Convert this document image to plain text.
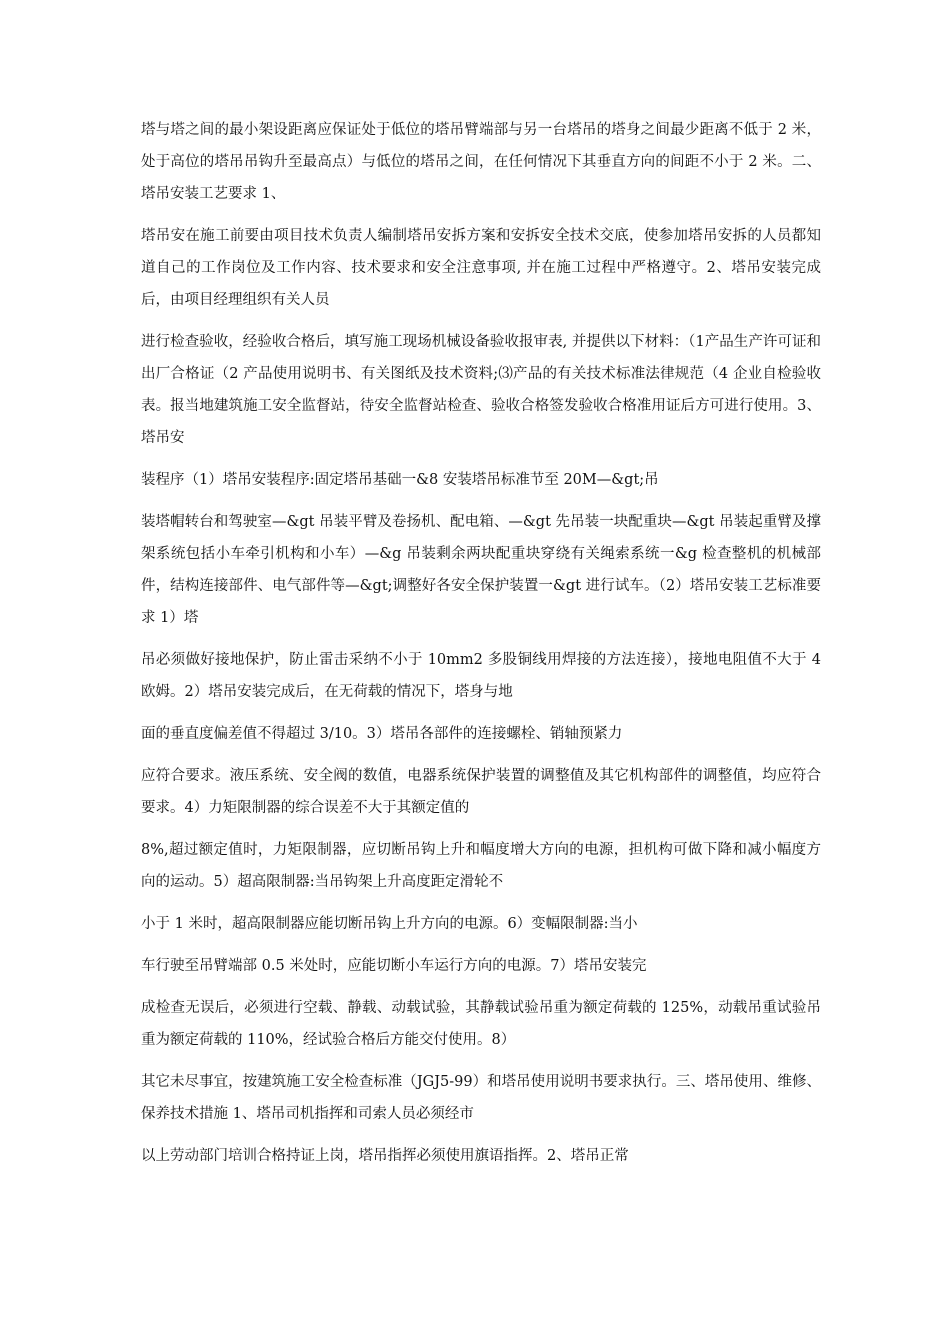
塔与塔之间的最小架设距离应保证处于低位的塔吊臂端部与另一台塔吊的塔身之间最少距离不低于 2 米，处于高位的塔吊吊钩升至最高点）与低位的塔吊之间，在任何情况下其垂直方向的间距不小于 2 米。二、塔吊安装工艺要求 1、

塔吊安在施工前要由项目技术负责人编制塔吊安拆方案和安拆安全技术交底，使参加塔吊安拆的人员都知道自己的工作岗位及工作内容、技术要求和安全注意事项, 并在施工过程中严格遵守。2、塔吊安装完成后，由项目经理组织有关人员

进行检查验收，经验收合格后，填写施工现场机械设备验收报审表, 并提供以下材料：（1产品生产许可证和出厂合格证（2 产品使用说明书、有关图纸及技术资料;⑶产品的有关技术标准法律规范（4 企业自检验收表。报当地建筑施工安全监督站，待安全监督站检查、验收合格签发验收合格准用证后方可进行使用。3、塔吊安

装程序（1）塔吊安装程序:固定塔吊基础一&8 安装塔吊标准节至 20M—&gt;吊

装塔帽转台和驾驶室—&gt 吊装平臂及卷扬机、配电箱、—&gt 先吊装一块配重块—&gt 吊装起重臂及撑架系统包括小车牵引机构和小车）—&g 吊装剩余两块配重块穿绕有关绳索系统一&g 检查整机的机械部件，结构连接部件、电气部件等—&gt;调整好各安全保护装置一&gt 进行试车。（2）塔吊安装工艺标准要求 1）塔

吊必须做好接地保护，防止雷击采纳不小于 10mm2 多股铜线用焊接的方法连接），接地电阻值不大于 4 欧姆。2）塔吊安装完成后，在无荷载的情况下，塔身与地

面的垂直度偏差值不得超过 3/10。3）塔吊各部件的连接螺栓、销轴预紧力

应符合要求。液压系统、安全阀的数值，电器系统保护装置的调整值及其它机构部件的调整值，均应符合要求。4）力矩限制器的综合误差不大于其额定值的

8%,超过额定值时，力矩限制器，应切断吊钩上升和幅度增大方向的电源，担机构可做下降和减小幅度方向的运动。5）超高限制器:当吊钩架上升高度距定滑轮不

小于 1 米时，超高限制器应能切断吊钩上升方向的电源。6）变幅限制器:当小

车行驶至吊臂端部 0.5 米处时，应能切断小车运行方向的电源。7）塔吊安装完

成检查无误后，必须进行空载、静载、动载试验，其静载试验吊重为额定荷载的 125%，动载吊重试验吊重为额定荷载的 110%，经试验合格后方能交付使用。8）

其它未尽事宜，按建筑施工安全检查标准（JGJ5-99）和塔吊使用说明书要求执行。三、塔吊使用、维修、保养技术措施 1、塔吊司机指挥和司索人员必须经市

以上劳动部门培训合格持证上岗，塔吊指挥必须使用旗语指挥。2、塔吊正常
